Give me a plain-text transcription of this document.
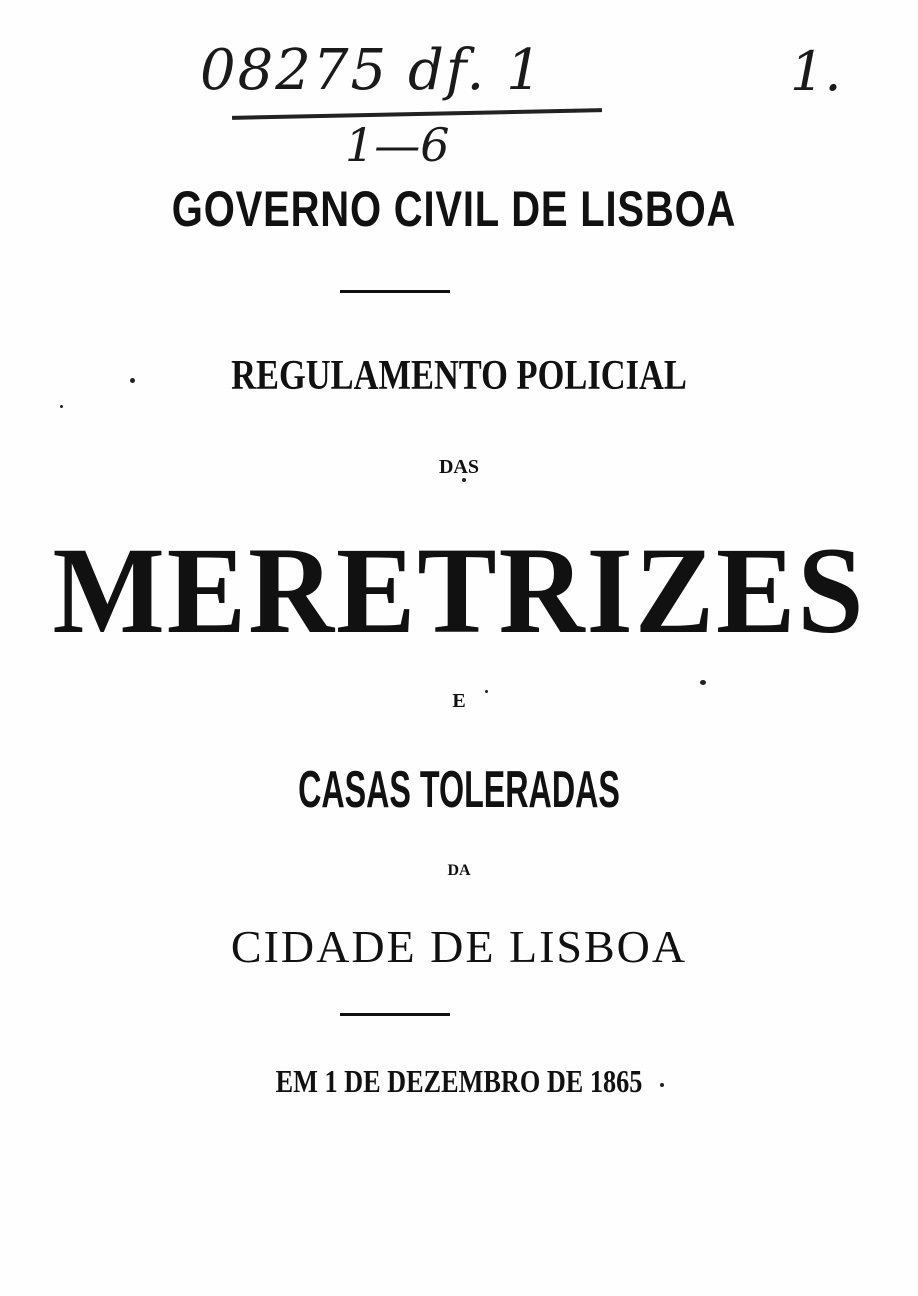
08275 df. 1	1.
1—6
GOVERNO CIVIL DE LISBOA
REGULAMENTO POLICIAL
DAS
MERETRIZES
E
CASAS TOLERADAS
DA
CIDADE DE LISBOA
EM 1 DE DEZEMBRO DE 1865
